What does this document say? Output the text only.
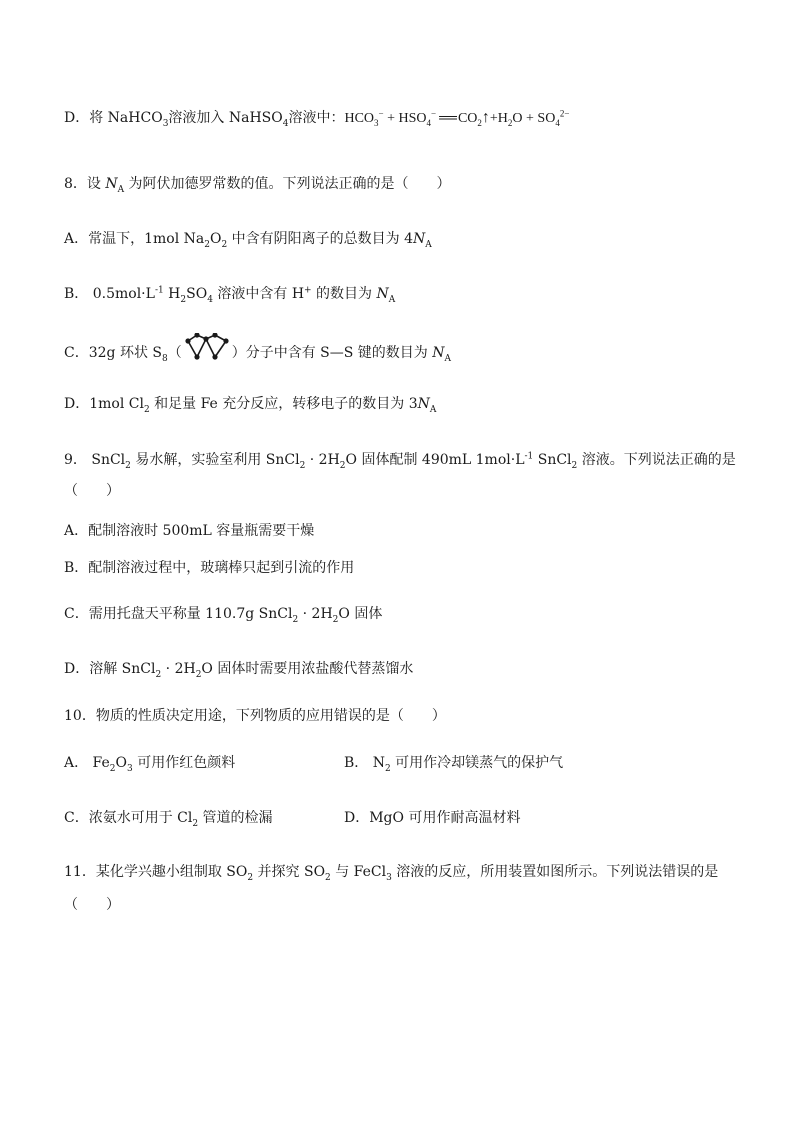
D．将 NaHCO$_3$溶液加入 NaHSO$_4$溶液中：$HCO_3^- + HSO_4^-$ ══ $CO_2↑+H_2O + SO_4^{2-}$
8．设 $N_A$ 为阿伏加德罗常数的值。下列说法正确的是（　　）
A．常温下，1mol $Na_2O_2$ 中含有阴阳离子的总数目为 $4N_A$
B． $0.5mol\cdot L^{-1}$ $H_2SO_4$ 溶液中含有 H+ 的数目为 $N_A$
C．32g 环状 $S_8$（	）分子中含有 S—S 键的数目为 $N_A$
D．1mol $Cl_2$ 和足量 Fe 充分反应，转移电子的数目为 $3N_A$
9． SnCl$_2$ 易水解，实验室利用 SnCl$_2$ · $2H_2O$ 固体配制 490mL $1mol\cdot L^{-1}$ SnCl$_2$ 溶液。下列说法正确的是
（　　）
A．配制溶液时 500mL 容量瓶需要干燥
B．配制溶液过程中，玻璃棒只起到引流的作用
C．需用托盘天平称量 110.7g SnCl$_2$ · $2H_2O$ 固体
D．溶解 SnCl$_2$ · $2H_2O$ 固体时需要用浓盐酸代替蒸馏水
10．物质的性质决定用途，下列物质的应用错误的是（　　）
A． $Fe_2O_3$ 可用作红色颜料	B． $N_2$ 可用作冷却镁蒸气的保护气
C．浓氨水可用于 $Cl_2$ 管道的检漏	D．MgO 可用作耐高温材料
11．某化学兴趣小组制取 $SO_2$ 并探究 $SO_2$ 与 FeCl$_3$ 溶液的反应，所用装置如图所示。下列说法错误的是
（　　）
